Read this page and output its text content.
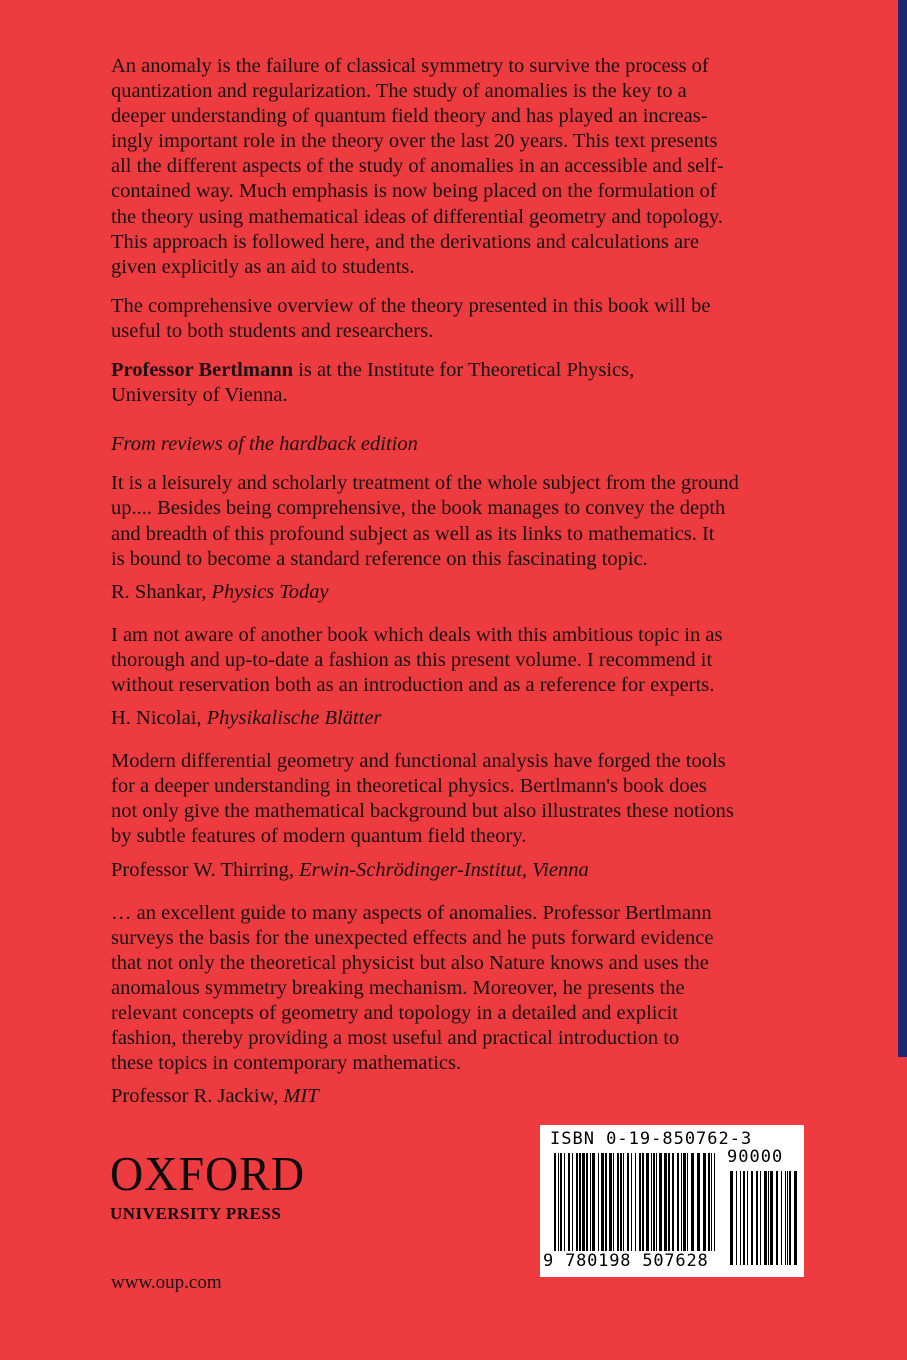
An anomaly is the failure of classical symmetry to survive the process of
quantization and regularization. The study of anomalies is the key to a
deeper understanding of quantum field theory and has played an increas-
ingly important role in the theory over the last 20 years. This text presents
all the different aspects of the study of anomalies in an accessible and self-
contained way. Much emphasis is now being placed on the formulation of
the theory using mathematical ideas of differential geometry and topology.
This approach is followed here, and the derivations and calculations are
given explicitly as an aid to students.

The comprehensive overview of the theory presented in this book will be
useful to both students and researchers.

Professor Bertlmann is at the Institute for Theoretical Physics,
University of Vienna.

From reviews of the hardback edition

It is a leisurely and scholarly treatment of the whole subject from the ground
up.... Besides being comprehensive, the book manages to convey the depth
and breadth of this profound subject as well as its links to mathematics. It
is bound to become a standard reference on this fascinating topic.

R. Shankar, Physics Today

I am not aware of another book which deals with this ambitious topic in as
thorough and up-to-date a fashion as this present volume. I recommend it
without reservation both as an introduction and as a reference for experts.

H. Nicolai, Physikalische Blätter

Modern differential geometry and functional analysis have forged the tools
for a deeper understanding in theoretical physics. Bertlmann's book does
not only give the mathematical background but also illustrates these notions
by subtle features of modern quantum field theory.

Professor W. Thirring, Erwin-Schrödinger-Institut, Vienna

… an excellent guide to many aspects of anomalies. Professor Bertlmann
surveys the basis for the unexpected effects and he puts forward evidence
that not only the theoretical physicist but also Nature knows and uses the
anomalous symmetry breaking mechanism. Moreover, he presents the
relevant concepts of geometry and topology in a detailed and explicit
fashion, thereby providing a most useful and practical introduction to
these topics in contemporary mathematics.

Professor R. Jackiw, MIT

OXFORD
UNIVERSITY PRESS
www.oup.com
ISBN 0-19-850762-3
90000
9 780198 507628
